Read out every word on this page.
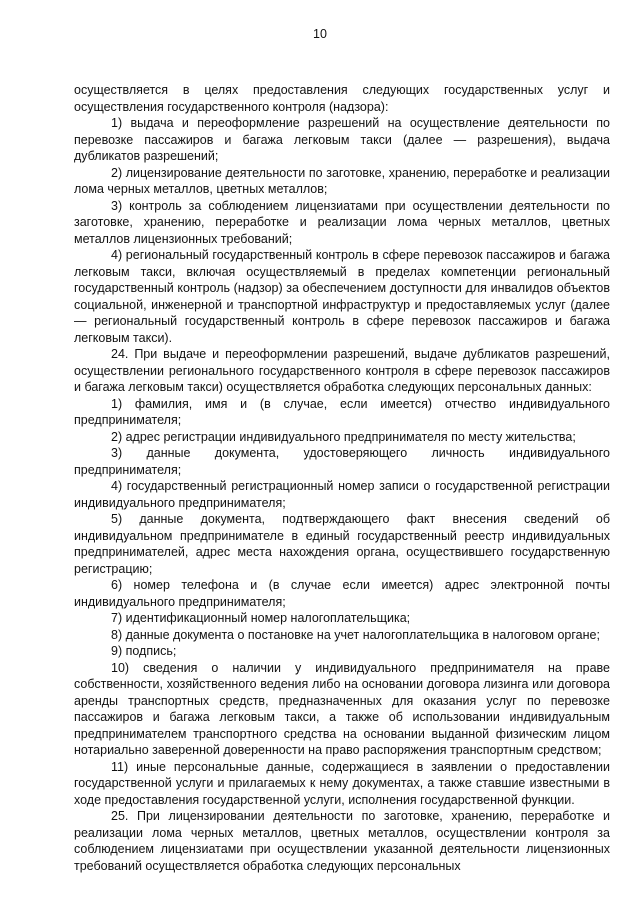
10

осуществляется в целях предоставления следующих государственных услуг и осуществления государственного контроля (надзора):

1) выдача и переоформление разрешений на осуществление деятельности по перевозке пассажиров и багажа легковым такси (далее — разрешения), выдача дубликатов разрешений;

2) лицензирование деятельности по заготовке, хранению, переработке и реализации лома черных металлов, цветных металлов;

3) контроль за соблюдением лицензиатами при осуществлении деятельности по заготовке, хранению, переработке и реализации лома черных металлов, цветных металлов лицензионных требований;

4) региональный государственный контроль в сфере перевозок пассажиров и багажа легковым такси, включая осуществляемый в пределах компетенции региональный государственный контроль (надзор) за обеспечением доступности для инвалидов объектов социальной, инженерной и транспортной инфраструктур и предоставляемых услуг (далее — региональный государственный контроль в сфере перевозок пассажиров и багажа легковым такси).

24. При выдаче и переоформлении разрешений, выдаче дубликатов разрешений, осуществлении регионального государственного контроля в сфере перевозок пассажиров и багажа легковым такси) осуществляется обработка следующих персональных данных:

1) фамилия, имя и (в случае, если имеется) отчество индивидуального предпринимателя;

2) адрес регистрации индивидуального предпринимателя по месту жительства;

3) данные документа, удостоверяющего личность индивидуального предпринимателя;

4) государственный регистрационный номер записи о государственной регистрации индивидуального предпринимателя;

5) данные документа, подтверждающего факт внесения сведений об индивидуальном предпринимателе в единый государственный реестр индивидуальных предпринимателей, адрес места нахождения органа, осуществившего государственную регистрацию;

6) номер телефона и (в случае если имеется) адрес электронной почты индивидуального предпринимателя;

7) идентификационный номер налогоплательщика;

8) данные документа о постановке на учет налогоплательщика в налоговом органе;

9) подпись;

10) сведения о наличии у индивидуального предпринимателя на праве собственности, хозяйственного ведения либо на основании договора лизинга или договора аренды транспортных средств, предназначенных для оказания услуг по перевозке пассажиров и багажа легковым такси, а также об использовании индивидуальным предпринимателем транспортного средства на основании выданной физическим лицом нотариально заверенной доверенности на право распоряжения транспортным средством;

11) иные персональные данные, содержащиеся в заявлении о предоставлении государственной услуги и прилагаемых к нему документах, а также ставшие известными в ходе предоставления государственной услуги, исполнения государственной функции.

25. При лицензировании деятельности по заготовке, хранению, переработке и реализации лома черных металлов, цветных металлов, осуществлении контроля за соблюдением лицензиатами при осуществлении указанной деятельности лицензионных требований осуществляется обработка следующих персональных
